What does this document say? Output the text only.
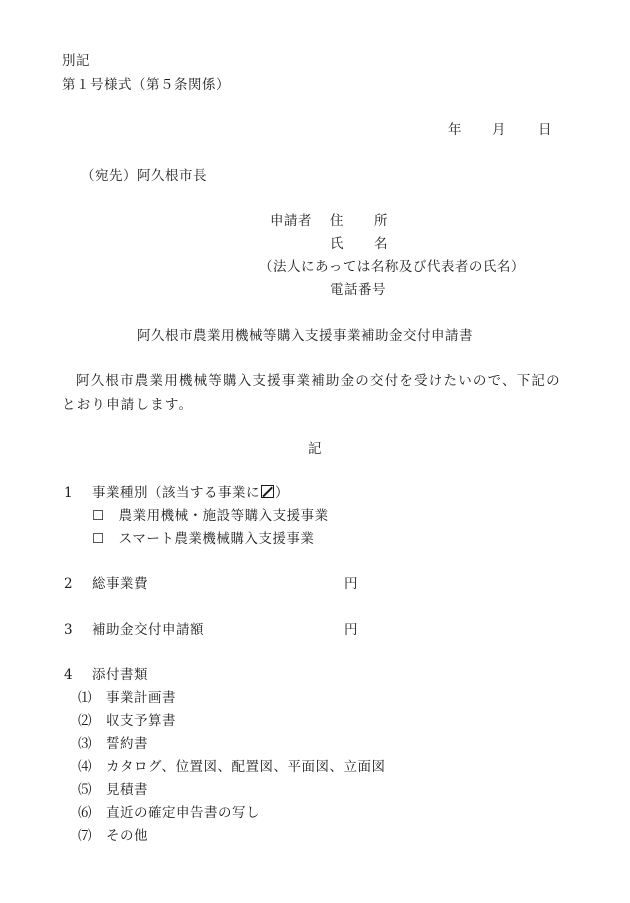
別記
第１号様式（第５条関係）
年 月 日
（宛先）阿久根市長
申請者 住 所
氏 名
（法人にあっては名称及び代表者の氏名）
電話番号
阿久根市農業用機械等購入支援事業補助金交付申請書
阿久根市農業用機械等購入支援事業補助金の交付を受けたいので、下記の
とおり申請します。
記
1 事業種別（該当する事業に ）
☐ 農業用機械・施設等購入支援事業
☐ スマート農業機械購入支援事業
2 総事業費	円
3 補助金交付申請額	円
4 添付書類
⑴ 事業計画書
⑵ 収支予算書
⑶ 誓約書
⑷ カタログ、位置図、配置図、平面図、立面図
⑸ 見積書
⑹ 直近の確定申告書の写し
⑺ その他
